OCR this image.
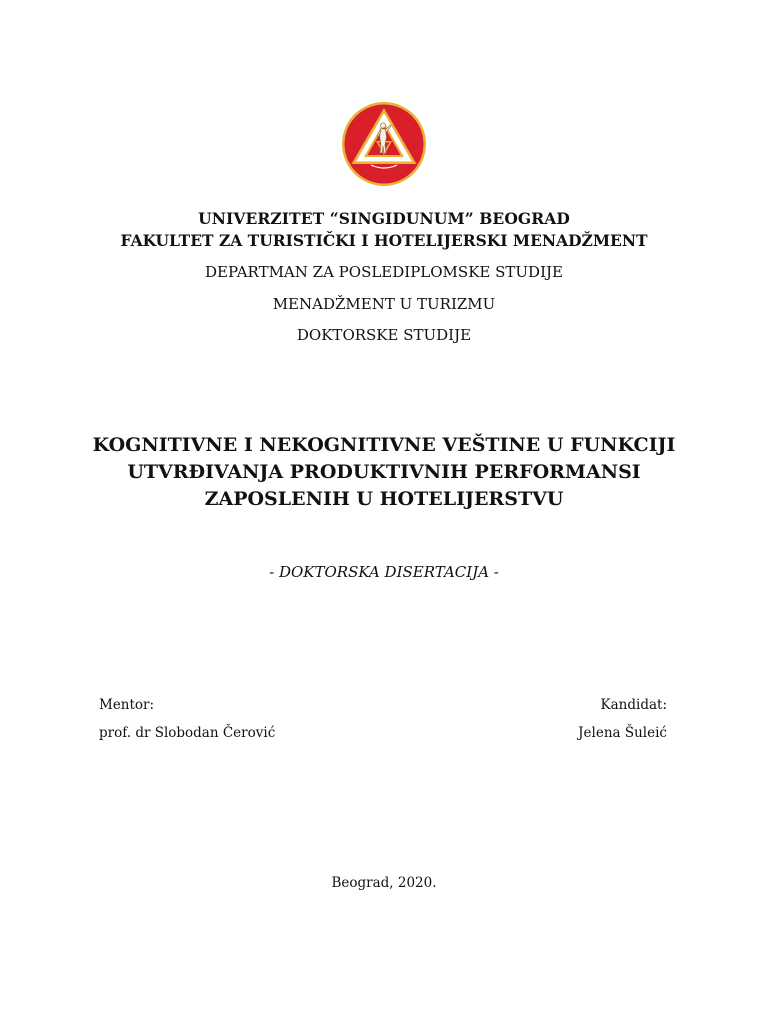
UNIVERZITET “SINGIDUNUM” BEOGRAD
FAKULTET ZA TURISTIČKI I HOTELIJERSKI MENADŽMENT
DEPARTMAN ZA POSLEDIPLOMSKE STUDIJE
MENADŽMENT U TURIZMU
DOKTORSKE STUDIJE
KOGNITIVNE I NEKOGNITIVNE VEŠTINE U FUNKCIJI
UTVRĐIVANJA PRODUKTIVNIH PERFORMANSI
ZAPOSLENIH U HOTELIJERSTVU
- DOKTORSKA DISERTACIJA -
Mentor:
prof. dr Slobodan Čerović
Kandidat:
Jelena Šuleić
Beograd, 2020.
